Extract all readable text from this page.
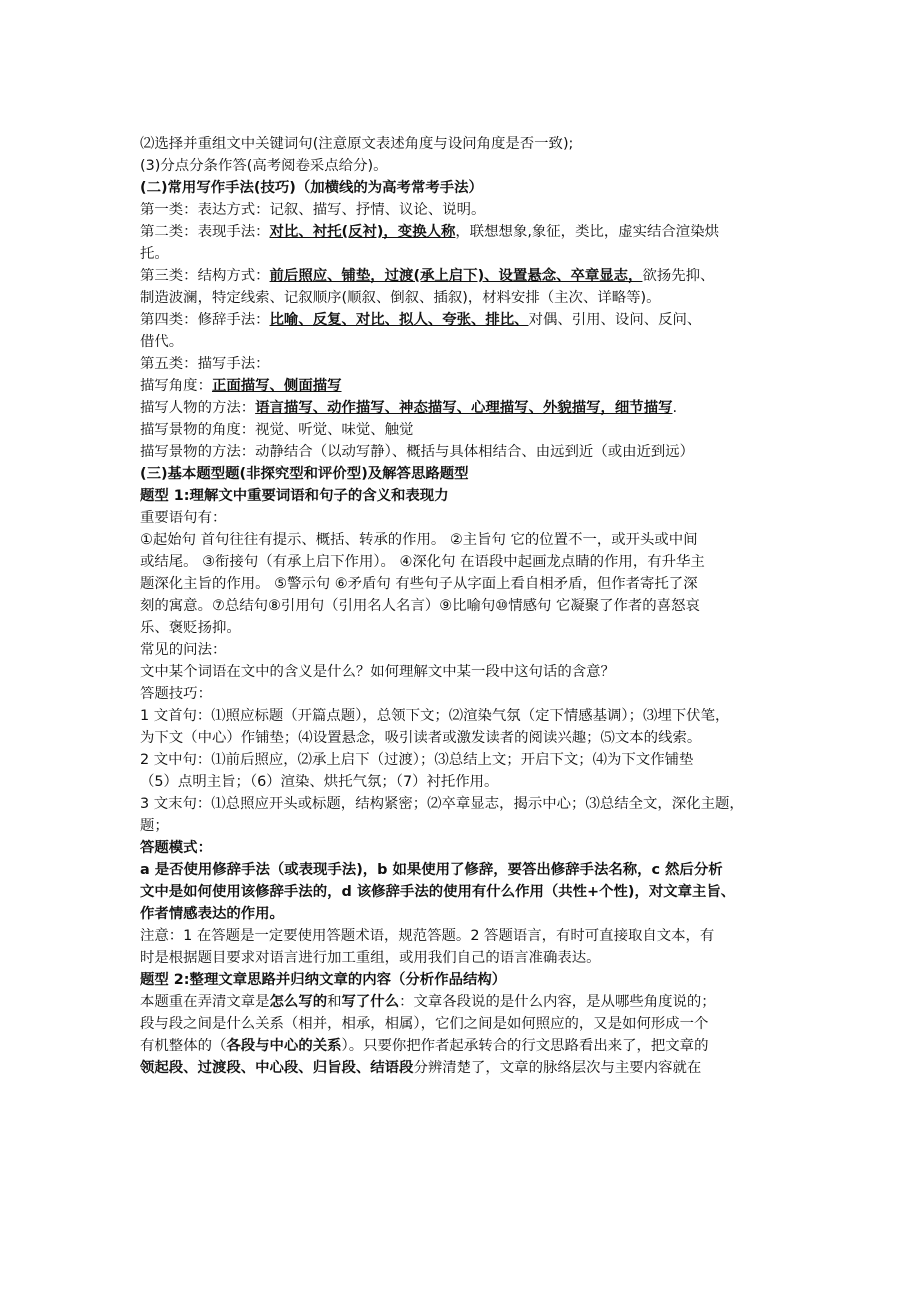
⑵选择并重组文中关键词句(注意原文表述角度与设问角度是否一致);
(3)分点分条作答(高考阅卷采点给分)。
(二)常用写作手法(技巧)（加横线的为高考常考手法）
第一类：表达方式：记叙、描写、抒情、议论、说明。
第二类：表现手法：对比、衬托(反衬)，变换人称，联想想象,象征，类比，虚实结合渲染烘
托。
第三类：结构方式：前后照应、铺垫，过渡(承上启下)、设置悬念、卒章显志，欲扬先抑、
制造波澜，特定线索、记叙顺序(顺叙、倒叙、插叙)，材料安排（主次、详略等)。
第四类：修辞手法：比喻、反复、对比、拟人、夸张、排比、对偶、引用、设问、反问、
借代。
第五类：描写手法：
描写角度：正面描写、侧面描写
描写人物的方法：语言描写、动作描写、神态描写、心理描写、外貌描写，细节描写.
描写景物的角度：视觉、听觉、味觉、触觉
描写景物的方法：动静结合（以动写静）、概括与具体相结合、由远到近（或由近到远）
(三)基本题型题(非探究型和评价型)及解答思路题型
题型 1:理解文中重要词语和句子的含义和表现力
重要语句有：
①起始句 首句往往有提示、概括、转承的作用。 ②主旨句 它的位置不一，或开头或中间
或结尾。 ③衔接句（有承上启下作用）。 ④深化句 在语段中起画龙点睛的作用，有升华主
题深化主旨的作用。 ⑤警示句 ⑥矛盾句 有些句子从字面上看自相矛盾，但作者寄托了深
刻的寓意。⑦总结句⑧引用句（引用名人名言）⑨比喻句⑩情感句 它凝聚了作者的喜怒哀
乐、褒贬扬抑。
常见的问法：
文中某个词语在文中的含义是什么？如何理解文中某一段中这句话的含意？
答题技巧：
1 文首句：⑴照应标题（开篇点题），总领下文；⑵渲染气氛（定下情感基调）；⑶埋下伏笔，
为下文（中心）作铺垫；⑷设置悬念，吸引读者或激发读者的阅读兴趣；⑸文本的线索。
2 文中句：⑴前后照应，⑵承上启下（过渡）；⑶总结上文；开启下文；⑷为下文作铺垫
（5）点明主旨；（6）渲染、烘托气氛；（7）衬托作用。
3 文末句：⑴总照应开头或标题，结构紧密；⑵卒章显志，揭示中心；⑶总结全文，深化主题，
题；
答题模式：
a 是否使用修辞手法（或表现手法)，b 如果使用了修辞，要答出修辞手法名称，c 然后分析
文中是如何使用该修辞手法的，d 该修辞手法的使用有什么作用（共性+个性)，对文章主旨、
作者情感表达的作用。
注意：1 在答题是一定要使用答题术语，规范答题。2 答题语言，有时可直接取自文本，有
时是根据题目要求对语言进行加工重组，或用我们自己的语言准确表达。
题型 2:整理文章思路并归纳文章的内容（分析作品结构）
本题重在弄清文章是怎么写的和写了什么：文章各段说的是什么内容，是从哪些角度说的；
段与段之间是什么关系（相并，相承，相属），它们之间是如何照应的，又是如何形成一个
有机整体的（各段与中心的关系）。只要你把作者起承转合的行文思路看出来了，把文章的
领起段、过渡段、中心段、归旨段、结语段分辨清楚了，文章的脉络层次与主要内容就在
